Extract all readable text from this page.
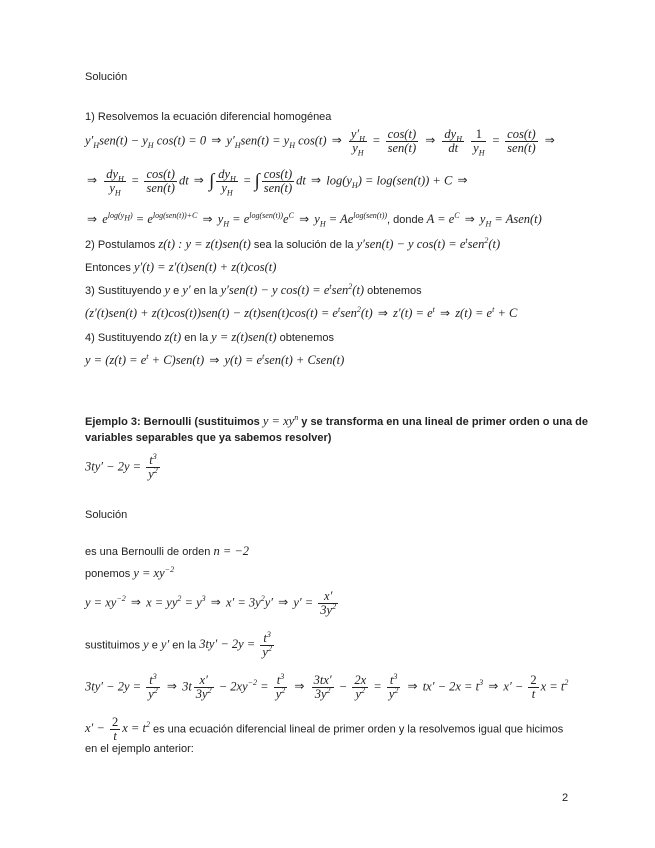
Solución
1) Resolvemos la ecuación diferencial homogénea
$y'_Hsen(t) - y_H$ cos(t) = 0 ⇒ $y'_Hsen(t) = y_H$ cos(t) ⇒ $\frac{y'_H}{y_H} = \cos(t)$
sen(t)
⇒ $dy_H$
dt
	$\frac{1}{y_H} = \cos(t)$
sen(t)
⇒
⇒ $dy_H$
$y_H$
= cos(t)
sen(t)
dt ⇒ ∫ $dy_H$
$y_H$
= ∫ cos(t)
sen(t)
dt ⇒ $\log(y_H) = \log(sen(t)) + C$ ⇒
⇒ $e^{log(y_H)} = e^{log(sen(t))+C}$ ⇒ $y_H = e^{log(sen(t))}e^C$ ⇒ $y_H = Ae^{log(sen(t))}$, donde $A = e^C$ ⇒ $y_H$ = Asen(t)
2) Postulamos z(t) : y = z(t)sen(t) sea la solución de la y′sen(t) − y $\cos(t) = e^tsen^2(t)$
Entonces y′(t) = z′(t)sen(t) + z(t)cos(t)
3) Sustituyendo y e y′ en la y′sen(t) − y $\cos(t) = e^tsen^2(t)$ obtenemos
$(z'(t)sen(t) + z(t)\cos(t))sen(t) - z(t)sen(t)\cos(t) = e^tsen^2(t)$ ⇒ $z'(t) = e^t$ ⇒ $z(t) = e^t + C$
4) Sustituyendo z(t) en la y = z(t)sen(t) obtenemos
$y = (z(t) = e^t + C)sen(t)$ ⇒ $y(t) = e^tsen(t)$ + Csen(t)
Ejemplo 3: Bernoulli (sustituimos $y = xy^n$ y se transforma en una lineal de primer orden o una de
variables separables que ya sabemos resolver)
$3ty' - 2y = \frac{t^3}{y^2}$
Solución
es una Bernoulli de orden n = −2
ponemos $y = xy^{-2}$
$y = xy^{-2}$ ⇒ $x = yy^2 = y^3$ ⇒ $x' = 3y^2y'$ ⇒ $y' = \frac{x'}{3y^2}$
sustituimos y e y′ en la $3ty' - 2y = \frac{t^3}{y^2}$
$3ty' - 2y = \frac{t^3}{y^2}$ ⇒ $3t \frac{x'}{3y^2} - 2xy^{-2} = \frac{t^3}{y^2}$ ⇒ $\frac{3tx'}{3y^2} - \frac{2x}{y^2} = \frac{t^3}{y^2}$ ⇒ $tx' - 2x = t^3$ ⇒ $x' - \frac{2}{t}$ $x = t^2$
$x' - \frac{2}{t}$ $x = t^2$ es una ecuación diferencial lineal de primer orden y la resolvemos igual que hicimos
en el ejemplo anterior:
2
